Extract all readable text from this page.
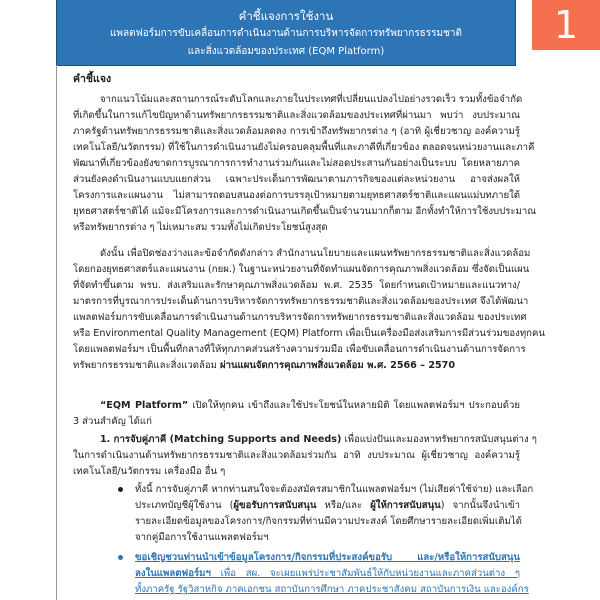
คำชี้แจงการใช้งาน
แพลตฟอร์มการขับเคลื่อนการดำเนินงานด้านการบริหารจัดการทรัพยากรธรรมชาติ
และสิ่งแวดล้อมของประเทศ (EQM Platform)
1
คำชี้แจง
จากแนวโน้มและสถานการณ์ระดับโลกและภายในประเทศที่เปลี่ยนแปลงไปอย่างรวดเร็ว รวมทั้งข้อจำกัด
ที่เกิดขึ้นในการแก้ไขปัญหาด้านทรัพยากรธรรมชาติและสิ่งแวดล้อมของประเทศที่ผ่านมา พบว่า งบประมาณ
ภาครัฐด้านทรัพยากรธรรมชาติและสิ่งแวดล้อมลดลง การเข้าถึงทรัพยากรต่าง ๆ (อาทิ ผู้เชี่ยวชาญ องค์ความรู้
เทคโนโลยี/นวัตกรรม) ที่ใช้ในการดำเนินงานยังไม่ครอบคลุมพื้นที่และภาคีที่เกี่ยวข้อง ตลอดจนหน่วยงานและภาคี
พัฒนาที่เกี่ยวข้องยังขาดการบูรณาการการทำงานร่วมกันและไม่สอดประสานกันอย่างเป็นระบบ โดยหลายภาค
ส่วนยังคงดำเนินงานแบบแยกส่วน เฉพาะประเด็นการพัฒนาตามภารกิจของแต่ละหน่วยงาน อาจส่งผลให้
โครงการและแผนงาน ไม่สามารถตอบสนองต่อการบรรลุเป้าหมายตามยุทธศาสตร์ชาติและแผนแม่บทภายใต้
ยุทธศาสตร์ชาติได้ แม้จะมีโครงการและการดำเนินงานเกิดขึ้นเป็นจำนวนมากก็ตาม อีกทั้งทำให้การใช้งบประมาณ
หรือทรัพยากรต่าง ๆ ไม่เหมาะสม รวมทั้งไม่เกิดประโยชน์สูงสุด
ดังนั้น เพื่อปิดช่องว่างและข้อจำกัดดังกล่าว สำนักงานนโยบายและแผนทรัพยากรธรรมชาติและสิ่งแวดล้อม
โดยกองยุทธศาสตร์และแผนงาน (กยผ.) ในฐานะหน่วยงานที่จัดทำแผนจัดการคุณภาพสิ่งแวดล้อม ซึ่งจัดเป็นแผน
ที่จัดทำขึ้นตาม พรบ. ส่งเสริมและรักษาคุณภาพสิ่งแวดล้อม พ.ศ. 2535 โดยกำหนดเป้าหมายและแนวทาง/
มาตรการที่บูรณาการประเด็นด้านการบริหารจัดการทรัพยากรธรรมชาติและสิ่งแวดล้อมของประเทศ จึงได้พัฒนา
แพลตฟอร์มการขับเคลื่อนการดำเนินงานด้านการบริหารจัดการทรัพยากรธรรมชาติและสิ่งแวดล้อม ของประเทศ
หรือ Environmental Quality Management (EQM) Platform เพื่อเป็นเครื่องมือส่งเสริมการมีส่วนร่วมของทุกคน
โดยแพลตฟอร์มฯ เป็นพื้นที่กลางที่ให้ทุกภาคส่วนสร้างความร่วมมือ เพื่อขับเคลื่อนการดำเนินงานด้านการจัดการ
ทรัพยากรธรรมชาติและสิ่งแวดล้อม ผ่านแผนจัดการคุณภาพสิ่งแวดล้อม พ.ศ. 2566 – 2570
“EQM Platform” เปิดให้ทุกคน เข้าถึงและใช้ประโยชน์ในหลายมิติ โดยแพลตฟอร์มฯ ประกอบด้วย
3 ส่วนสำคัญ ได้แก่
1. การจับคู่ภาคี (Matching Supports and Needs) เพื่อแบ่งปันและมองหาทรัพยากรสนับสนุนต่าง ๆ
ในการดำเนินงานด้านทรัพยากรธรรมชาติและสิ่งแวดล้อมร่วมกัน อาทิ งบประมาณ ผู้เชี่ยวชาญ องค์ความรู้
เทคโนโลยี/นวัตกรรม เครื่องมือ อื่น ๆ
ทั้งนี้ การจับคู่ภาคี หากท่านสนใจจะต้องสมัครสมาชิกในแพลตฟอร์มฯ (ไม่เสียค่าใช้จ่าย) และเลือก
ประเภทบัญชีผู้ใช้งาน (ผู้ขอรับการสนับสนุน หรือ/และ ผู้ให้การสนับสนุน) จากนั้นจึงนำเข้า
รายละเอียดข้อมูลของโครงการ/กิจกรรมที่ท่านมีความประสงค์ โดยศึกษารายละเอียดเพิ่มเติมได้
จากคู่มือการใช้งานแพลตฟอร์มฯ
ขอเชิญชวนท่านนำเข้าข้อมูลโครงการ/กิจกรรมที่ประสงค์ขอรับ และ/หรือให้การสนับสนุน
ลงในแพลตฟอร์มฯ เพื่อ สผ. จะเผยแพร่ประชาสัมพันธ์ให้กับหน่วยงานและภาคส่วนต่าง ๆ
ทั้งภาครัฐ รัฐวิสาหกิจ ภาคเอกชน สถาบันการศึกษา ภาคประชาสังคม สถาบันการเงิน และองค์กร
